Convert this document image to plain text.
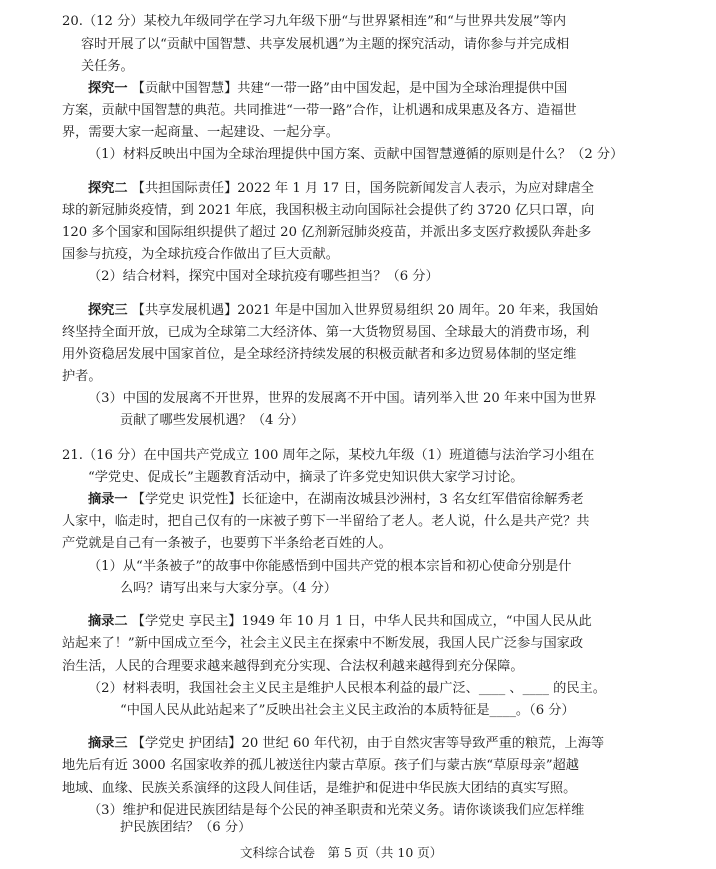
20.（12 分）某校九年级同学在学习九年级下册“与世界紧相连”和“与世界共发展”等内
容时开展了以“贡献中国智慧、共享发展机遇”为主题的探究活动，请你参与并完成相
关任务。
探究一 【贡献中国智慧】共建“一带一路”由中国发起，是中国为全球治理提供中国
方案，贡献中国智慧的典范。共同推进“一带一路”合作，让机遇和成果惠及各方、造福世
界，需要大家一起商量、一起建设、一起分享。
（1）材料反映出中国为全球治理提供中国方案、贡献中国智慧遵循的原则是什么？（2 分）
探究二 【共担国际责任】2022 年 1 月 17 日，国务院新闻发言人表示，为应对肆虐全
球的新冠肺炎疫情，到 2021 年底，我国积极主动向国际社会提供了约 3720 亿只口罩，向
120 多个国家和国际组织提供了超过 20 亿剂新冠肺炎疫苗，并派出多支医疗救援队奔赴多
国参与抗疫，为全球抗疫合作做出了巨大贡献。
（2）结合材料，探究中国对全球抗疫有哪些担当？（6 分）
探究三 【共享发展机遇】2021 年是中国加入世界贸易组织 20 周年。20 年来，我国始
终坚持全面开放，已成为全球第二大经济体、第一大货物贸易国、全球最大的消费市场，利
用外资稳居发展中国家首位，是全球经济持续发展的积极贡献者和多边贸易体制的坚定维
护者。
（3）中国的发展离不开世界，世界的发展离不开中国。请列举入世 20 年来中国为世界
贡献了哪些发展机遇？（4 分）
21.（16 分）在中国共产党成立 100 周年之际，某校九年级（1）班道德与法治学习小组在
“学党史、促成长”主题教育活动中，摘录了许多党史知识供大家学习讨论。
摘录一 【学党史 识党性】长征途中，在湖南汝城县沙洲村，3 名女红军借宿徐解秀老
人家中，临走时，把自己仅有的一床被子剪下一半留给了老人。老人说，什么是共产党？共
产党就是自己有一条被子，也要剪下半条给老百姓的人。
（1）从“半条被子”的故事中你能感悟到中国共产党的根本宗旨和初心使命分别是什
么吗？请写出来与大家分享。（4 分）
摘录二 【学党史 享民主】1949 年 10 月 1 日，中华人民共和国成立，“中国人民从此
站起来了！”新中国成立至今，社会主义民主在探索中不断发展，我国人民广泛参与国家政
治生活，人民的合理要求越来越得到充分实现、合法权利越来越得到充分保障。
（2）材料表明，我国社会主义民主是维护人民根本利益的最广泛、____ 、____ 的民主。
“中国人民从此站起来了”反映出社会主义民主政治的本质特征是____。（6 分）
摘录三 【学党史 护团结】20 世纪 60 年代初，由于自然灾害等导致严重的粮荒，上海等
地先后有近 3000 名国家收养的孤儿被送往内蒙古草原。孩子们与蒙古族“草原母亲”超越
地域、血缘、民族关系演绎的这段人间佳话，是维护和促进中华民族大团结的真实写照。
（3）维护和促进民族团结是每个公民的神圣职责和光荣义务。请你谈谈我们应怎样维
护民族团结？（6 分）
文科综合试卷　第 5 页（共 10 页）
